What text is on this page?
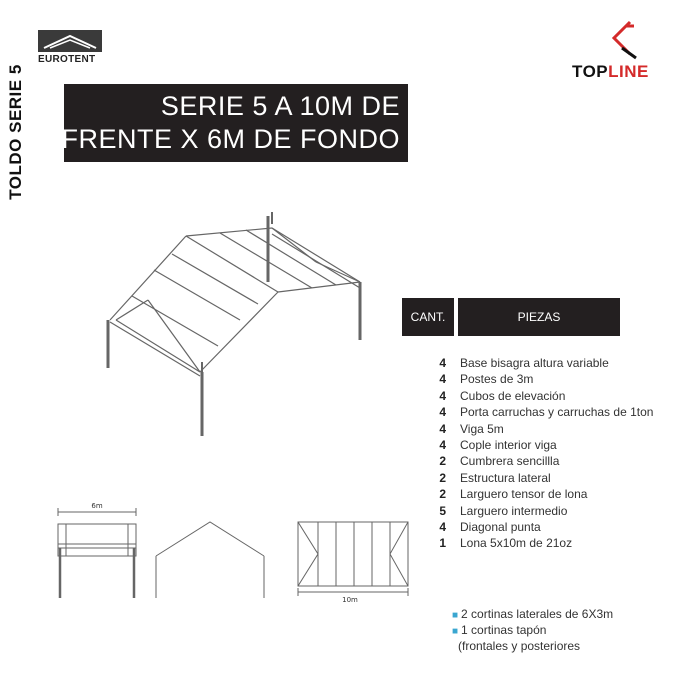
TOLDO SERIE 5
EUROTENT
TOPLINE
SERIE 5 A 10M DE
FRENTE X 6M DE FONDO
6m
10m
CANT.	PIEZAS
4 Base bisagra altura variable
4 Postes de 3m
4 Cubos de elevación
4 Porta carruchas y carruchas de 1ton
4 Viga 5m
4 Cople interior viga
2 Cumbrera sencillla
2 Estructura lateral
2 Larguero tensor de lona
5 Larguero intermedio
4 Diagonal punta
1 Lona 5x10m de 21oz
■ 2 cortinas laterales de 6X3m
■ 1 cortinas tapón
(frontales y posteriores
